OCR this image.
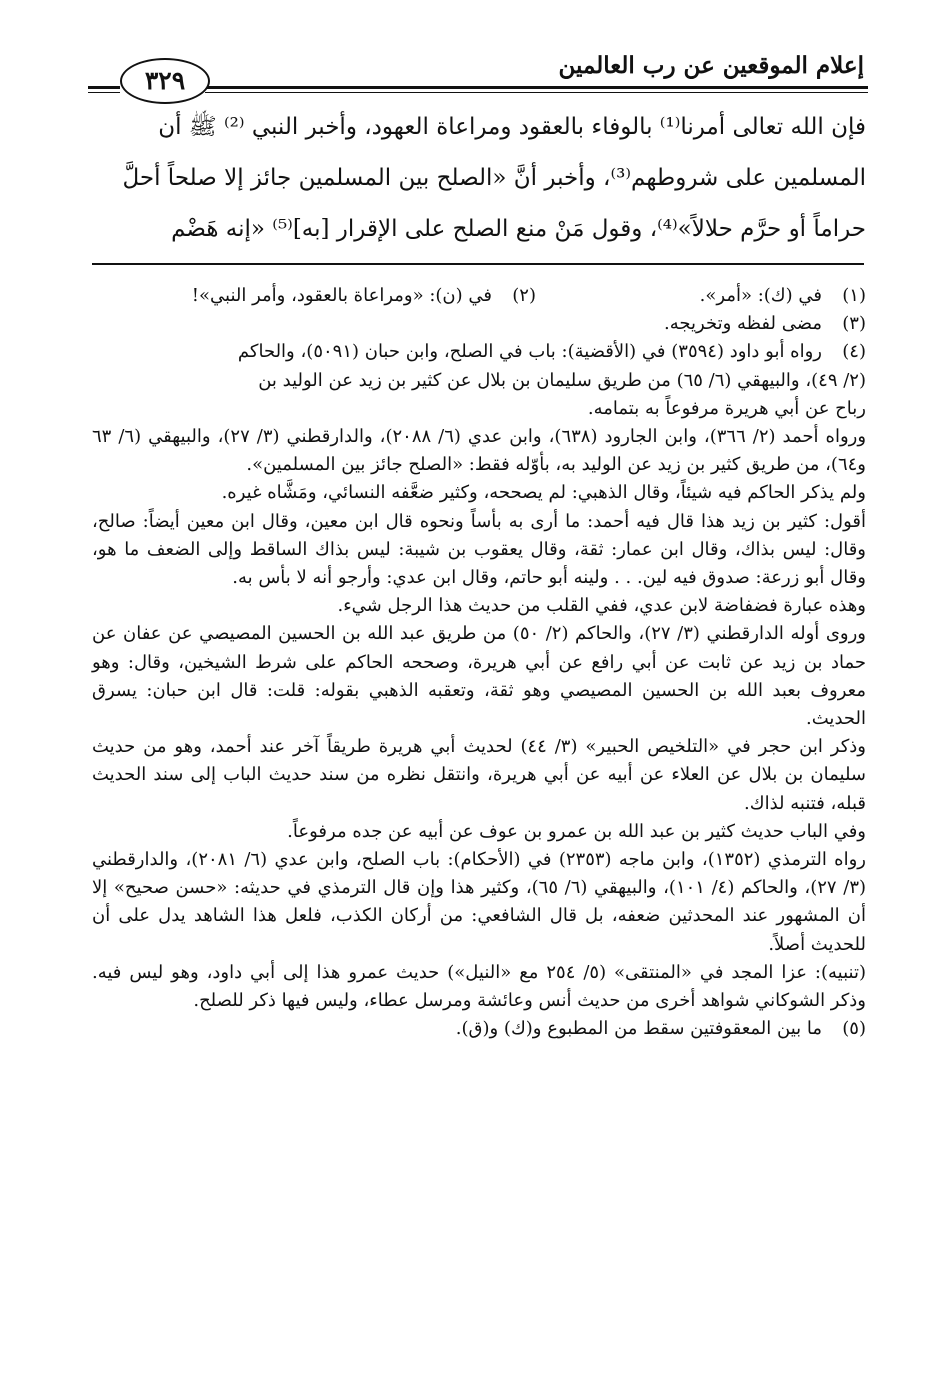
إعلام الموقعين عن رب العالمين
٣٢٩

فإن الله تعالى أمرنا⁽¹⁾ بالوفاء بالعقود ومراعاة العهود، وأخبر النبي ⁽²⁾ ﷺ أن

المسلمين على شروطهم⁽³⁾، وأخبر أنَّ «الصلح بين المسلمين جائز إلا صلحاً أحلَّ

حراماً أو حرَّم حلالاً»⁽⁴⁾، وقول مَنْ منع الصلح على الإقرار [به]⁽⁵⁾ «إنه هَضْم

(١)في (ك): «أمر».
(٢)في (ن): «ومراعاة بالعقود، وأمر النبي»!

(٣)مضى لفظه وتخريجه.

(٤)رواه أبو داود (٣٥٩٤) في (الأقضية): باب في الصلح، وابن حبان (٥٠٩١)، والحاكم

(٢/ ٤٩)، والبيهقي (٦/ ٦٥) من طريق سليمان بن بلال عن كثير بن زيد عن الوليد بن

رباح عن أبي هريرة مرفوعاً به بتمامه.

ورواه أحمد (٢/ ٣٦٦)، وابن الجارود (٦٣٨)، وابن عدي (٦/ ٢٠٨٨)، والدارقطني (٣/ ٢٧)، والبيهقي (٦/ ٦٣ و٦٤)، من طريق كثير بن زيد عن الوليد به، بأوّله فقط: «الصلح جائز بين المسلمين».

ولم يذكر الحاكم فيه شيئاً، وقال الذهبي: لم يصححه، وكثير ضعَّفه النسائي، ومَشَّاه غيره.

أقول: كثير بن زيد هذا قال فيه أحمد: ما أرى به بأساً ونحوه قال ابن معين، وقال ابن معين أيضاً: صالح، وقال: ليس بذاك، وقال ابن عمار: ثقة، وقال يعقوب بن شيبة: ليس بذاك الساقط وإلى الضعف ما هو، وقال أبو زرعة: صدوق فيه لين. . . ولينه أبو حاتم، وقال ابن عدي: وأرجو أنه لا بأس به.

وهذه عبارة فضفاضة لابن عدي، ففي القلب من حديث هذا الرجل شيء.

وروى أوله الدارقطني (٣/ ٢٧)، والحاكم (٢/ ٥٠) من طريق عبد الله بن الحسين المصيصي عن عفان عن حماد بن زيد عن ثابت عن أبي رافع عن أبي هريرة، وصححه الحاكم على شرط الشيخين، وقال: وهو معروف بعبد الله بن الحسين المصيصي وهو ثقة، وتعقبه الذهبي بقوله: قلت: قال ابن حبان: يسرق الحديث.

وذكر ابن حجر في «التلخيص الحبير» (٣/ ٤٤) لحديث أبي هريرة طريقاً آخر عند أحمد، وهو من حديث سليمان بن بلال عن العلاء عن أبيه عن أبي هريرة، وانتقل نظره من سند حديث الباب إلى سند الحديث قبله، فتنبه لذاك.

وفي الباب حديث كثير بن عبد الله بن عمرو بن عوف عن أبيه عن جده مرفوعاً.

رواه الترمذي (١٣٥٢)، وابن ماجه (٢٣٥٣) في (الأحكام): باب الصلح، وابن عدي (٦/ ٢٠٨١)، والدارقطني (٣/ ٢٧)، والحاكم (٤/ ١٠١)، والبيهقي (٦/ ٦٥)، وكثير هذا وإن قال الترمذي في حديثه: «حسن صحيح» إلا أن المشهور عند المحدثين ضعفه، بل قال الشافعي: من أركان الكذب، فلعل هذا الشاهد يدل على أن للحديث أصلاً.

(تنبيه): عزا المجد في «المنتقى» (٥/ ٢٥٤ مع «النيل») حديث عمرو هذا إلى أبي داود، وهو ليس فيه. وذكر الشوكاني شواهد أخرى من حديث أنس وعائشة ومرسل عطاء، وليس فيها ذكر للصلح.

(٥)ما بين المعقوفتين سقط من المطبوع و(ك) و(ق).
